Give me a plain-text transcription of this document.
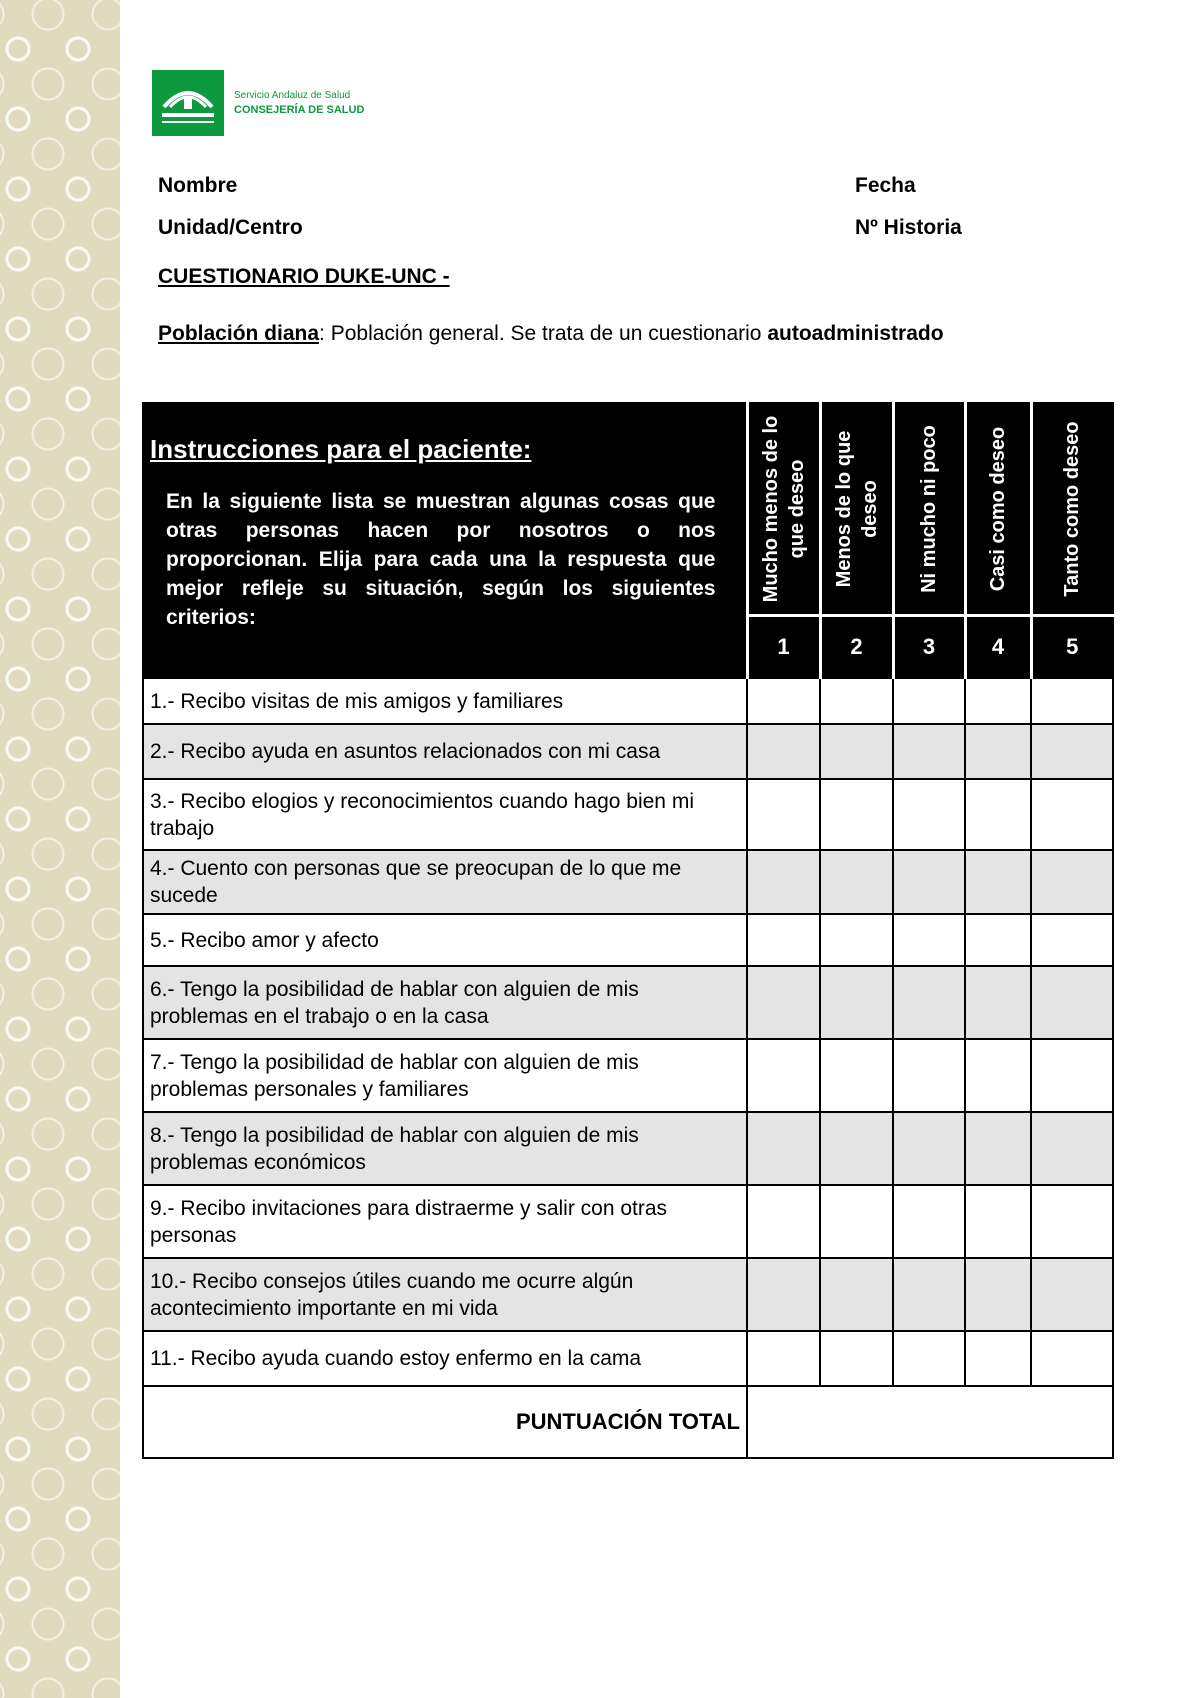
Servicio Andaluz de Salud
CONSEJERÍA DE SALUD
Nombre	Fecha
Unidad/Centro	Nº Historia
CUESTIONARIO DUKE-UNC -
Población diana: Población general. Se trata de un cuestionario autoadministrado
Instrucciones para el paciente:
En la siguiente lista se muestran algunas cosas que otras personas hacen por nosotros o nos proporcionan. Elija para cada una la respuesta que mejor refleje su situación, según los siguientes criterios:	Mucho menos de lo que deseo	Menos de lo que deseo	Ni mucho ni poco	Casi como deseo	Tanto como deseo

	1	2	3	4	5
1.- Recibo visitas de mis amigos y familiares					
2.- Recibo ayuda en asuntos relacionados con mi casa					
3.- Recibo elogios y reconocimientos cuando hago bien mi trabajo					
4.- Cuento con personas que se preocupan de lo que me sucede					
5.- Recibo amor y afecto					
6.- Tengo la posibilidad de hablar con alguien de mis problemas en el trabajo o en la casa					
7.- Tengo la posibilidad de hablar con alguien de mis problemas personales y familiares					
8.- Tengo la posibilidad de hablar con alguien de mis problemas económicos					
9.- Recibo invitaciones para distraerme y salir con otras personas					
10.- Recibo consejos útiles cuando me ocurre algún acontecimiento importante en mi vida					
11.- Recibo ayuda cuando estoy enfermo en la cama					
PUNTUACIÓN TOTAL					
